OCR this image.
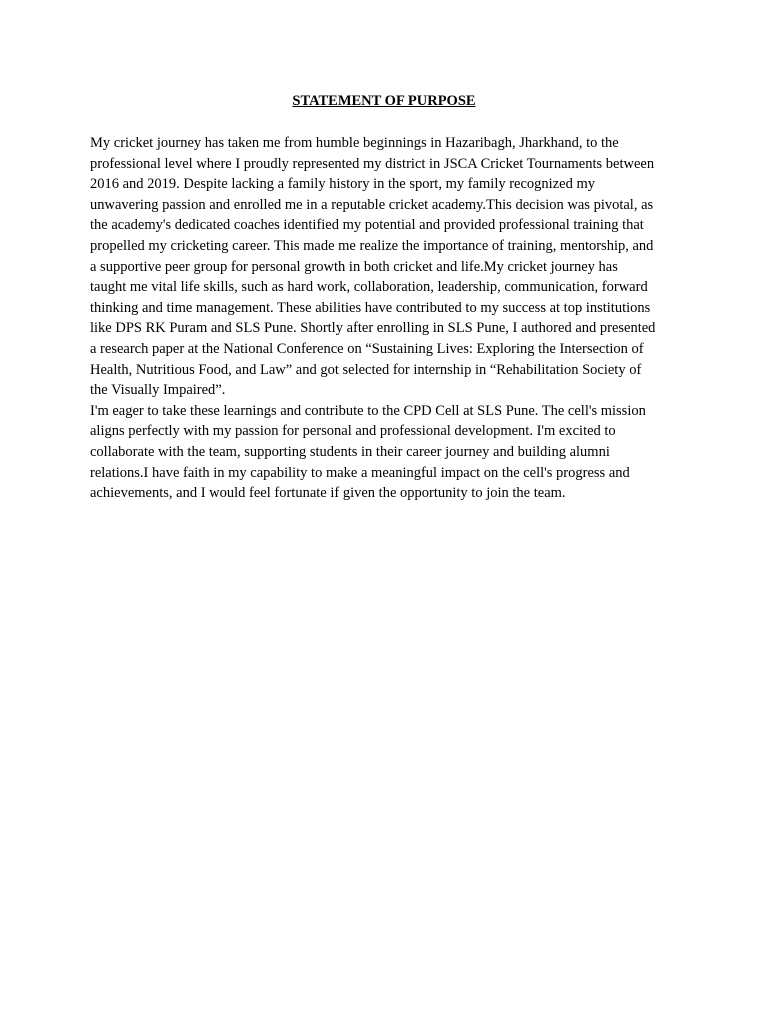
STATEMENT OF PURPOSE

My cricket journey has taken me from humble beginnings in Hazaribagh, Jharkhand, to the

professional level where I proudly represented my district in JSCA Cricket Tournaments between

2016 and 2019. Despite lacking a family history in the sport, my family recognized my

unwavering passion and enrolled me in a reputable cricket academy.This decision was pivotal, as

the academy's dedicated coaches identified my potential and provided professional training that

propelled my cricketing career. This made me realize the importance of training, mentorship, and

a supportive peer group for personal growth in both cricket and life.My cricket journey has

taught me vital life skills, such as hard work, collaboration, leadership, communication, forward

thinking and time management. These abilities have contributed to my success at top institutions

like DPS RK Puram and SLS Pune. Shortly after enrolling in SLS Pune, I authored and presented

a research paper at the National Conference on “Sustaining Lives: Exploring the Intersection of

Health, Nutritious Food, and Law” and got selected for internship in “Rehabilitation Society of

the Visually Impaired”.

I'm eager to take these learnings and contribute to the CPD Cell at SLS Pune. The cell's mission

aligns perfectly with my passion for personal and professional development. I'm excited to

collaborate with the team, supporting students in their career journey and building alumni

relations.I have faith in my capability to make a meaningful impact on the cell's progress and

achievements, and I would feel fortunate if given the opportunity to join the team.
